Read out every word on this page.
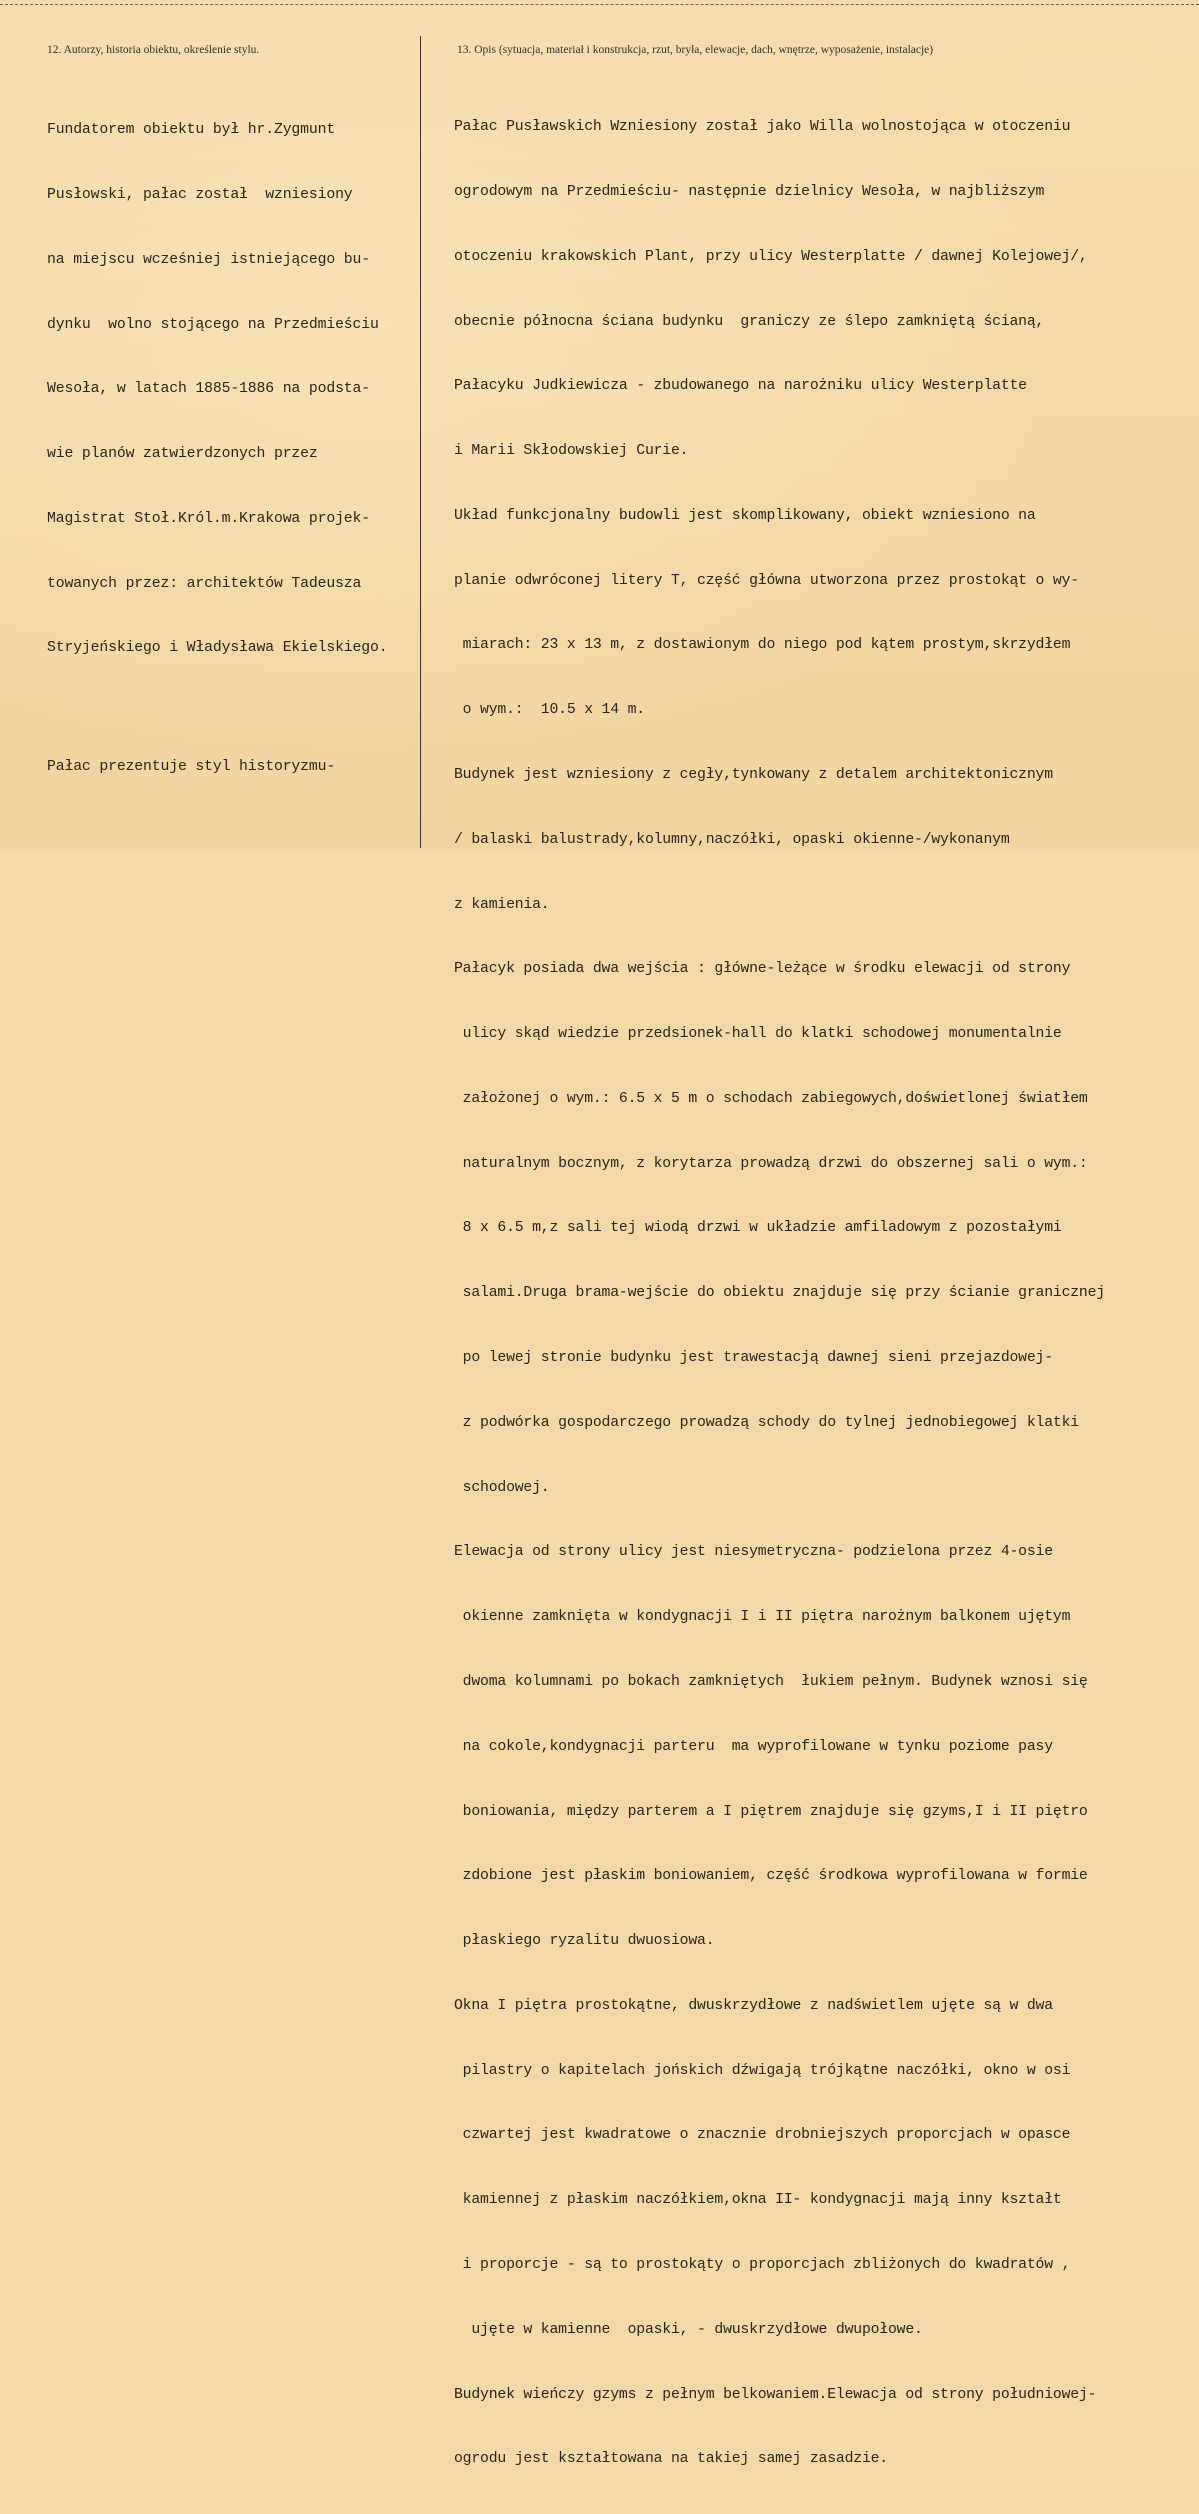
12. Autorzy, historia obiektu, określenie stylu.	13. Opis (sytuacja, materiał i konstrukcja, rzut, bryła, elewacje, dach, wnętrze, wyposażenie, instalacje)

Fundatorem obiektu był hr.Zygmunt

Pusłowski, pałac został  wzniesiony

na miejscu wcześniej istniejącego bu-

dynku  wolno stojącego na Przedmieściu

Wesoła, w latach 1885-1886 na podsta-

wie planów zatwierdzonych przez

Magistrat Stoł.Król.m.Krakowa projek-

towanych przez: architektów Tadeusza

Stryjeńskiego i Władysława Ekielskiego.

Pałac prezentuje styl historyzmu-

Pałac Pusławskich Wzniesiony został jako Willa wolnostojąca w otoczeniu

ogrodowym na Przedmieściu- następnie dzielnicy Wesoła, w najbliższym

otoczeniu krakowskich Plant, przy ulicy Westerplatte / dawnej Kolejowej/,

obecnie północna ściana budynku  graniczy ze ślepo zamkniętą ścianą,

Pałacyku Judkiewicza - zbudowanego na narożniku ulicy Westerplatte

i Marii Skłodowskiej Curie.

Układ funkcjonalny budowli jest skomplikowany, obiekt wzniesiono na

planie odwróconej litery T, część główna utworzona przez prostokąt o wy-

miarach: 23 x 13 m, z dostawionym do niego pod kątem prostym,skrzydłem

o wym.:  10.5 x 14 m.

Budynek jest wzniesiony z cegły,tynkowany z detalem architektonicznym

/ balaski balustrady,kolumny,naczółki, opaski okienne-/wykonanym

z kamienia.

Pałacyk posiada dwa wejścia : główne-leżące w środku elewacji od strony

ulicy skąd wiedzie przedsionek-hall do klatki schodowej monumentalnie

założonej o wym.: 6.5 x 5 m o schodach zabiegowych,doświetlonej światłem

naturalnym bocznym, z korytarza prowadzą drzwi do obszernej sali o wym.:

8 x 6.5 m,z sali tej wiodą drzwi w układzie amfiladowym z pozostałymi

salami.Druga brama-wejście do obiektu znajduje się przy ścianie granicznej

po lewej stronie budynku jest trawestacją dawnej sieni przejazdowej-

z podwórka gospodarczego prowadzą schody do tylnej jednobiegowej klatki

schodowej.

Elewacja od strony ulicy jest niesymetryczna- podzielona przez 4-osie

okienne zamknięta w kondygnacji I i II piętra narożnym balkonem ujętym

dwoma kolumnami po bokach zamkniętych  łukiem pełnym. Budynek wznosi się

na cokole,kondygnacji parteru  ma wyprofilowane w tynku poziome pasy

boniowania, między parterem a I piętrem znajduje się gzyms,I i II piętro

zdobione jest płaskim boniowaniem, część środkowa wyprofilowana w formie

płaskiego ryzalitu dwuosiowa.

Okna I piętra prostokątne, dwuskrzydłowe z nadświetlem ujęte są w dwa

pilastry o kapitelach jońskich dźwigają trójkątne naczółki, okno w osi

czwartej jest kwadratowe o znacznie drobniejszych proporcjach w opasce

kamiennej z płaskim naczółkiem,okna II- kondygnacji mają inny kształt

i proporcje - są to prostokąty o proporcjach zbliżonych do kwadratów ,

ujęte w kamienne  opaski, - dwuskrzydłowe dwupołowe.

Budynek wieńczy gzyms z pełnym belkowaniem.Elewacja od strony południowej-

ogrodu jest kształtowana na takiej samej zasadzie.
